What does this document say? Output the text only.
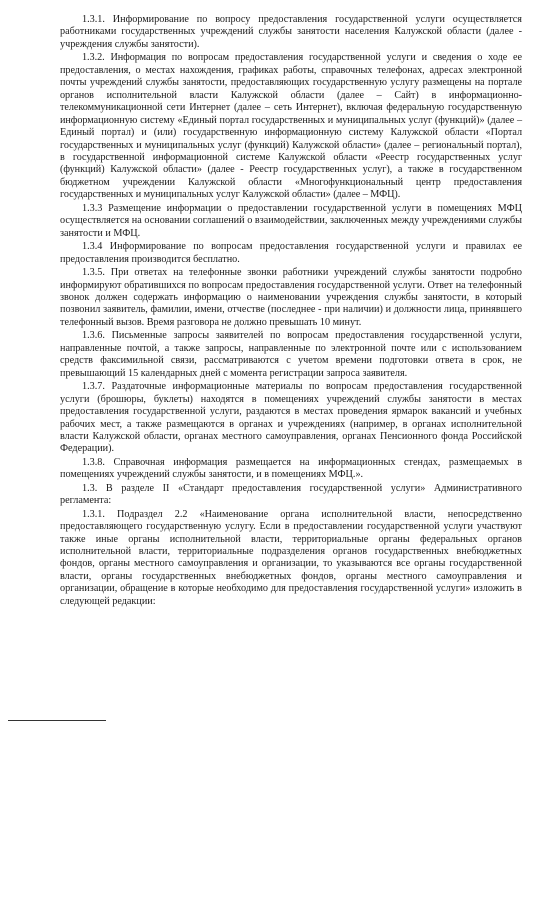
1.3.1. Информирование по вопросу предоставления государственной услуги осуществляется работниками государственных учреждений службы занятости населения Калужской области (далее - учреждения службы занятости).

1.3.2. Информация по вопросам предоставления государственной услуги и сведения о ходе ее предоставления, о местах нахождения, графиках работы, справочных телефонах, адресах электронной почты учреждений службы занятости, предоставляющих государственную услугу размещены на портале органов исполнительной власти Калужской области (далее – Сайт) в информационно-телекоммуникационной сети Интернет (далее – сеть Интернет), включая федеральную государственную информационную систему «Единый портал государственных и муниципальных услуг (функций)» (далее – Единый портал) и (или) государственную информационную систему Калужской области «Портал государственных и муниципальных услуг (функций) Калужской области» (далее – региональный портал), в государственной информационной системе Калужской области «Реестр государственных услуг (функций) Калужской области» (далее - Реестр государственных услуг), а также в государственном бюджетном учреждении Калужской области «Многофункциональный центр предоставления государственных и муниципальных услуг Калужской области» (далее – МФЦ).

1.3.3 Размещение информации о предоставлении государственной услуги в помещениях МФЦ осуществляется на основании соглашений о взаимодействии, заключенных между учреждениями службы занятости и МФЦ.

1.3.4 Информирование по вопросам предоставления государственной услуги и правилах ее предоставления производится бесплатно.

1.3.5. При ответах на телефонные звонки работники учреждений службы занятости подробно информируют обратившихся по вопросам предоставления государственной услуги. Ответ на телефонный звонок должен содержать информацию о наименовании учреждения службы занятости, в который позвонил заявитель, фамилии, имени, отчестве (последнее - при наличии) и должности лица, принявшего телефонный вызов. Время разговора не должно превышать 10 минут.

1.3.6. Письменные запросы заявителей по вопросам предоставления государственной услуги, направленные почтой, а также запросы, направленные по электронной почте или с использованием средств факсимильной связи, рассматриваются с учетом времени подготовки ответа в срок, не превышающий 15 календарных дней с момента регистрации запроса заявителя.

1.3.7. Раздаточные информационные материалы по вопросам предоставления государственной услуги (брошюры, буклеты) находятся в помещениях учреждений службы занятости в местах предоставления государственной услуги, раздаются в местах проведения ярмарок вакансий и учебных рабочих мест, а также размещаются в органах и учреждениях (например, в органах исполнительной власти Калужской области, органах местного самоуправления, органах Пенсионного фонда Российской Федерации).

1.3.8. Справочная информация размещается на информационных стендах, размещаемых в помещениях учреждений службы занятости, и в помещениях МФЦ.».

1.3. В разделе II «Стандарт предоставления государственной услуги» Административного регламента:

1.3.1. Подраздел 2.2 «Наименование органа исполнительной власти, непосредственно предоставляющего государственную услугу. Если в предоставлении государственной услуги участвуют также иные органы исполнительной власти, территориальные органы федеральных органов исполнительной власти, территориальные подразделения органов государственных внебюджетных фондов, органы местного самоуправления и организации, то указываются все органы государственной власти, органы государственных внебюджетных фондов, органы местного самоуправления и организации, обращение в которые необходимо для предоставления государственной услуги» изложить в следующей редакции:
